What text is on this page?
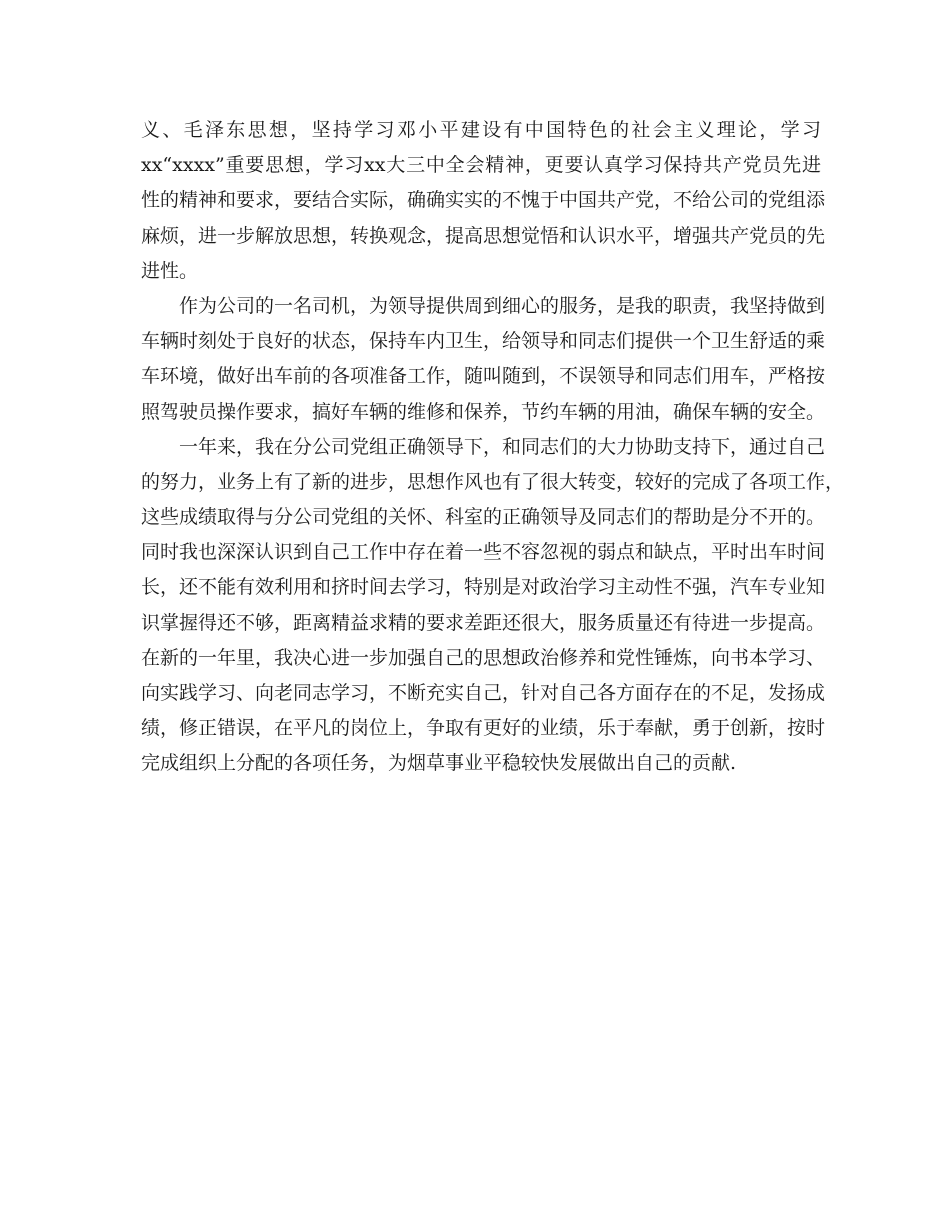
义、毛泽东思想，坚持学习邓小平建设有中国特色的社会主义理论，学习
xx“xxxx”重要思想，学习xx大三中全会精神，更要认真学习保持共产党员先进
性的精神和要求，要结合实际，确确实实的不愧于中国共产党，不给公司的党组添
麻烦，进一步解放思想，转换观念，提高思想觉悟和认识水平，增强共产党员的先
进性。
作为公司的一名司机，为领导提供周到细心的服务，是我的职责，我坚持做到
车辆时刻处于良好的状态，保持车内卫生，给领导和同志们提供一个卫生舒适的乘
车环境，做好出车前的各项准备工作，随叫随到，不误领导和同志们用车，严格按
照驾驶员操作要求，搞好车辆的维修和保养，节约车辆的用油，确保车辆的安全。
一年来，我在分公司党组正确领导下，和同志们的大力协助支持下，通过自己
的努力，业务上有了新的进步，思想作风也有了很大转变，较好的完成了各项工作，
这些成绩取得与分公司党组的关怀、科室的正确领导及同志们的帮助是分不开的。
同时我也深深认识到自己工作中存在着一些不容忽视的弱点和缺点，平时出车时间
长，还不能有效利用和挤时间去学习，特别是对政治学习主动性不强，汽车专业知
识掌握得还不够，距离精益求精的要求差距还很大，服务质量还有待进一步提高。
在新的一年里，我决心进一步加强自己的思想政治修养和党性锤炼，向书本学习、
向实践学习、向老同志学习，不断充实自己，针对自己各方面存在的不足，发扬成
绩，修正错误，在平凡的岗位上，争取有更好的业绩，乐于奉献，勇于创新，按时
完成组织上分配的各项任务，为烟草事业平稳较快发展做出自己的贡献.
